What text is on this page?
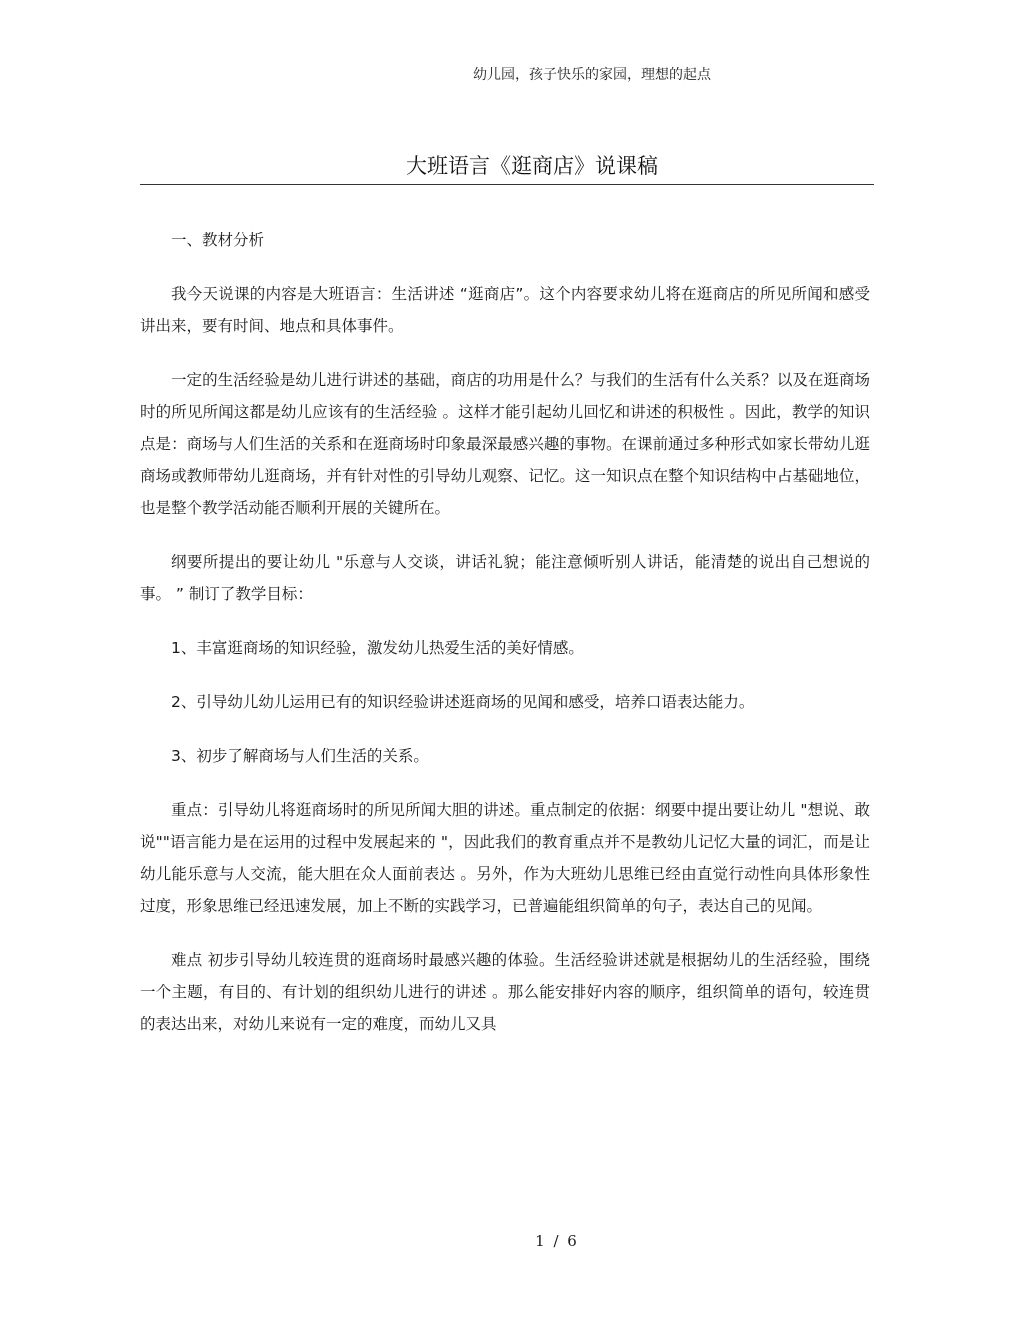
幼儿园，孩子快乐的家园，理想的起点
大班语言《逛商店》说课稿

一、教材分析

我今天说课的内容是大班语言：生活讲述 “逛商店”。这个内容要求幼儿将在逛商店的所见所闻和感受讲出来，要有时间、地点和具体事件。

一定的生活经验是幼儿进行讲述的基础，商店的功用是什么？与我们的生活有什么关系？以及在逛商场时的所见所闻这都是幼儿应该有的生活经验 。这样才能引起幼儿回忆和讲述的积极性 。因此，教学的知识点是：商场与人们生活的关系和在逛商场时印象最深最感兴趣的事物。在课前通过多种形式如家长带幼儿逛商场或教师带幼儿逛商场，并有针对性的引导幼儿观察、记忆。这一知识点在整个知识结构中占基础地位，也是整个教学活动能否顺利开展的关键所在。

纲要所提出的要让幼儿 "乐意与人交谈，讲话礼貌；能注意倾听别人讲话，能清楚的说出自己想说的事。 ” 制订了教学目标：

1、丰富逛商场的知识经验，激发幼儿热爱生活的美好情感。

2、引导幼儿幼儿运用已有的知识经验讲述逛商场的见闻和感受，培养口语表达能力。

3、初步了解商场与人们生活的关系。

重点：引导幼儿将逛商场时的所见所闻大胆的讲述。重点制定的依据：纲要中提出要让幼儿 "想说、敢说""语言能力是在运用的过程中发展起来的 "，因此我们的教育重点并不是教幼儿记忆大量的词汇，而是让幼儿能乐意与人交流，能大胆在众人面前表达 。另外，作为大班幼儿思维已经由直觉行动性向具体形象性过度，形象思维已经迅速发展，加上不断的实践学习，已普遍能组织简单的句子，表达自己的见闻。

难点 初步引导幼儿较连贯的逛商场时最感兴趣的体验。生活经验讲述就是根据幼儿的生活经验，围绕一个主题，有目的、有计划的组织幼儿进行的讲述 。那么能安排好内容的顺序，组织简单的语句，较连贯的表达出来，对幼儿来说有一定的难度，而幼儿又具

1 / 6
